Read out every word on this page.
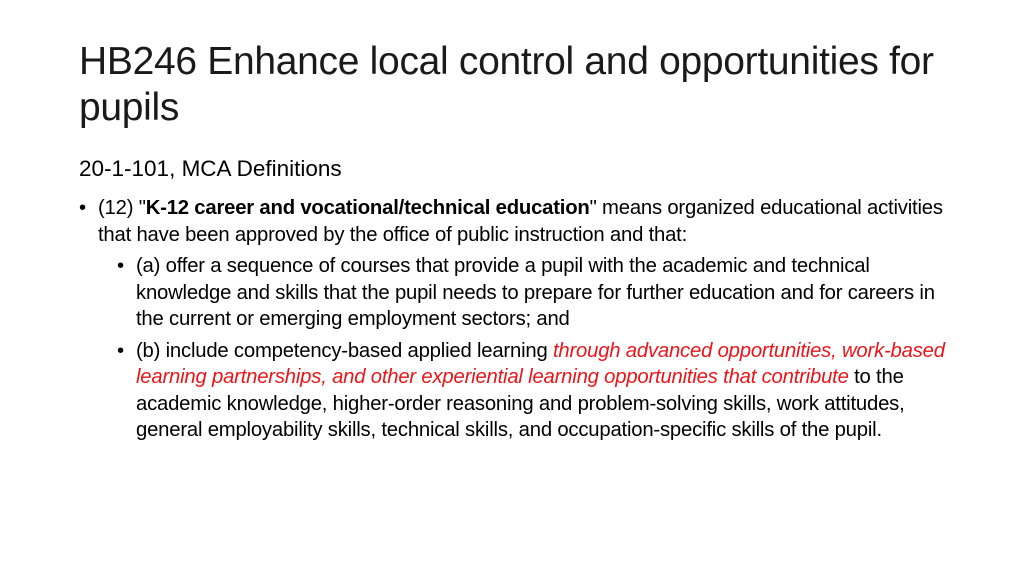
HB246 Enhance local control and opportunities for pupils
20-1-101, MCA Definitions
• (12) "K-12 career and vocational/technical education" means organized educational activities that have been approved by the office of public instruction and that:
• (a) offer a sequence of courses that provide a pupil with the academic and technical knowledge and skills that the pupil needs to prepare for further education and for careers in the current or emerging employment sectors; and
• (b) include competency-based applied learning through advanced opportunities, work-based learning partnerships, and other experiential learning opportunities that contribute to the academic knowledge, higher-order reasoning and problem-solving skills, work attitudes, general employability skills, technical skills, and occupation-specific skills of the pupil.
